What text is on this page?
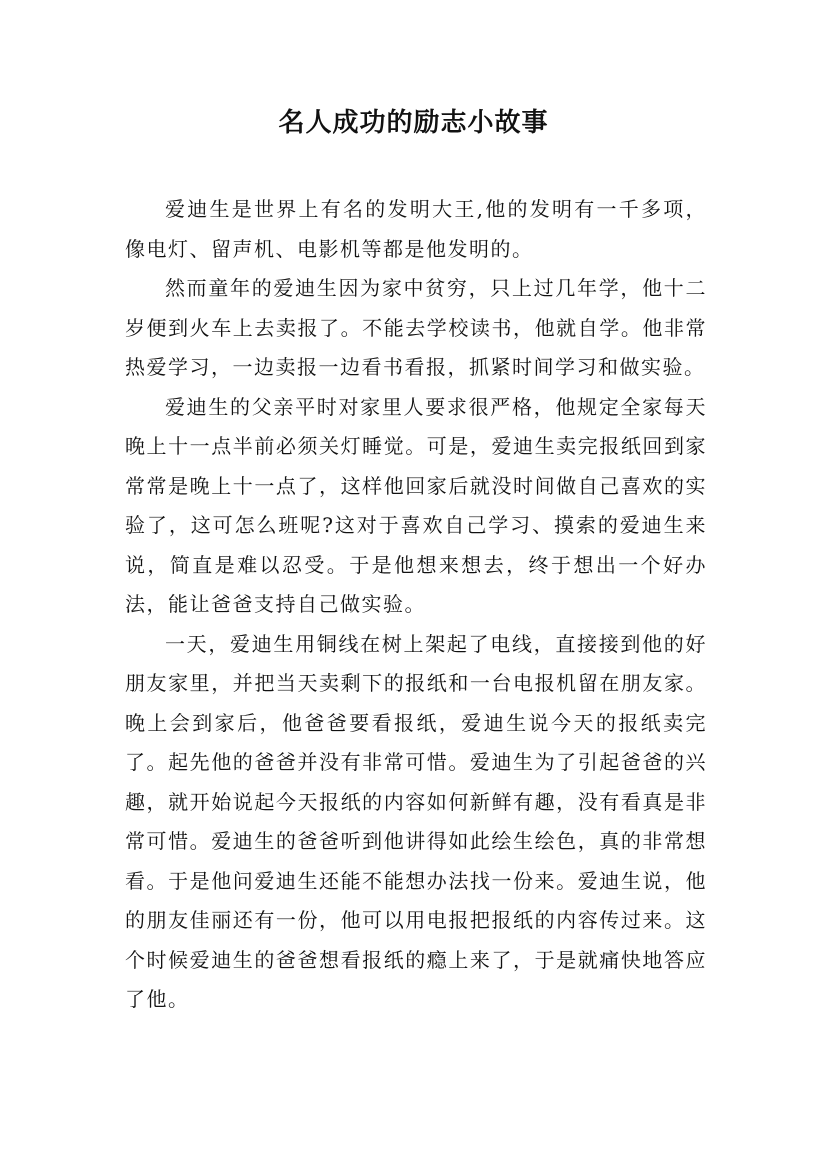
名人成功的励志小故事

爱迪生是世界上有名的发明大王,他的发明有一千多项，像电灯、留声机、电影机等都是他发明的。

然而童年的爱迪生因为家中贫穷，只上过几年学，他十二岁便到火车上去卖报了。不能去学校读书，他就自学。他非常热爱学习，一边卖报一边看书看报，抓紧时间学习和做实验。

爱迪生的父亲平时对家里人要求很严格，他规定全家每天晚上十一点半前必须关灯睡觉。可是，爱迪生卖完报纸回到家常常是晚上十一点了，这样他回家后就没时间做自己喜欢的实验了，这可怎么班呢?这对于喜欢自己学习、摸索的爱迪生来说，简直是难以忍受。于是他想来想去，终于想出一个好办法，能让爸爸支持自己做实验。

一天，爱迪生用铜线在树上架起了电线，直接接到他的好朋友家里，并把当天卖剩下的报纸和一台电报机留在朋友家。晚上会到家后，他爸爸要看报纸，爱迪生说今天的报纸卖完了。起先他的爸爸并没有非常可惜。爱迪生为了引起爸爸的兴趣，就开始说起今天报纸的内容如何新鲜有趣，没有看真是非常可惜。爱迪生的爸爸听到他讲得如此绘生绘色，真的非常想看。于是他问爱迪生还能不能想办法找一份来。爱迪生说，他的朋友佳丽还有一份，他可以用电报把报纸的内容传过来。这个时候爱迪生的爸爸想看报纸的瘾上来了，于是就痛快地答应了他。
